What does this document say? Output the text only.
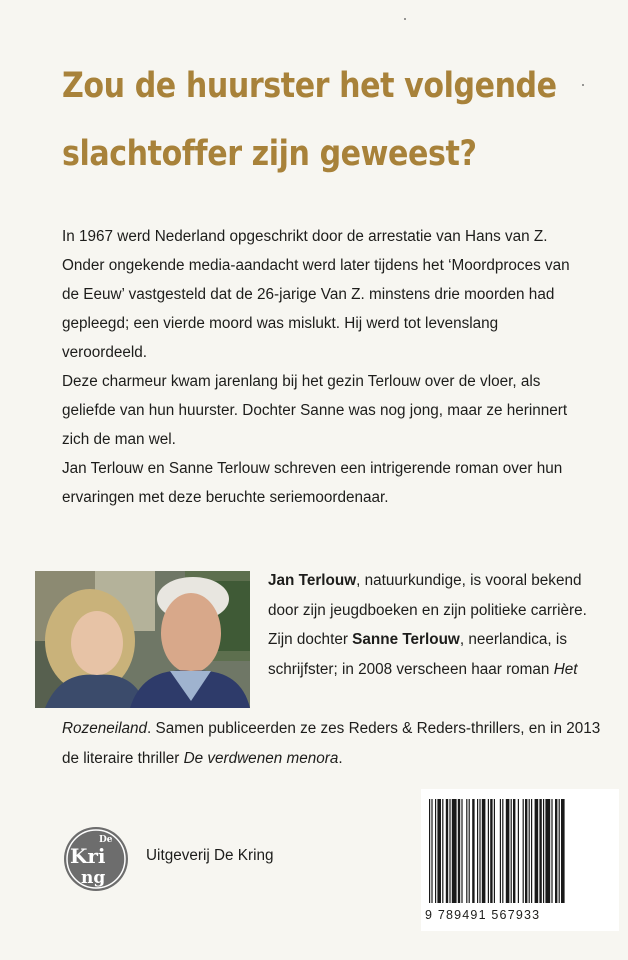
Zou de huurster het volgende
slachtoffer zijn geweest?

In 1967 werd Nederland opgeschrikt door de arrestatie van Hans van Z. Onder ongekende media-aandacht werd later tijdens het ‘Moordproces van de Eeuw’ vastgesteld dat de 26-jarige Van Z. minstens drie moorden had gepleegd; een vierde moord was mislukt. Hij werd tot levenslang veroordeeld.

Deze charmeur kwam jarenlang bij het gezin Terlouw over de vloer, als geliefde van hun huurster. Dochter Sanne was nog jong, maar ze herinnert zich de man wel.

Jan Terlouw en Sanne Terlouw schreven een intrigerende roman over hun ervaringen met deze beruchte seriemoordenaar.

Jan Terlouw, natuurkundige, is vooral bekend door zijn jeugdboeken en zijn politieke carrière. Zijn dochter Sanne Terlouw, neerlandica, is schrijfster; in 2008 verscheen haar roman Het

Rozeneiland. Samen publiceerden ze zes Reders & Reders-thrillers, en in 2013 de literaire thriller De verdwenen menora.

De
Kri
ng
Uitgeverij De Kring
9 789491 567933
